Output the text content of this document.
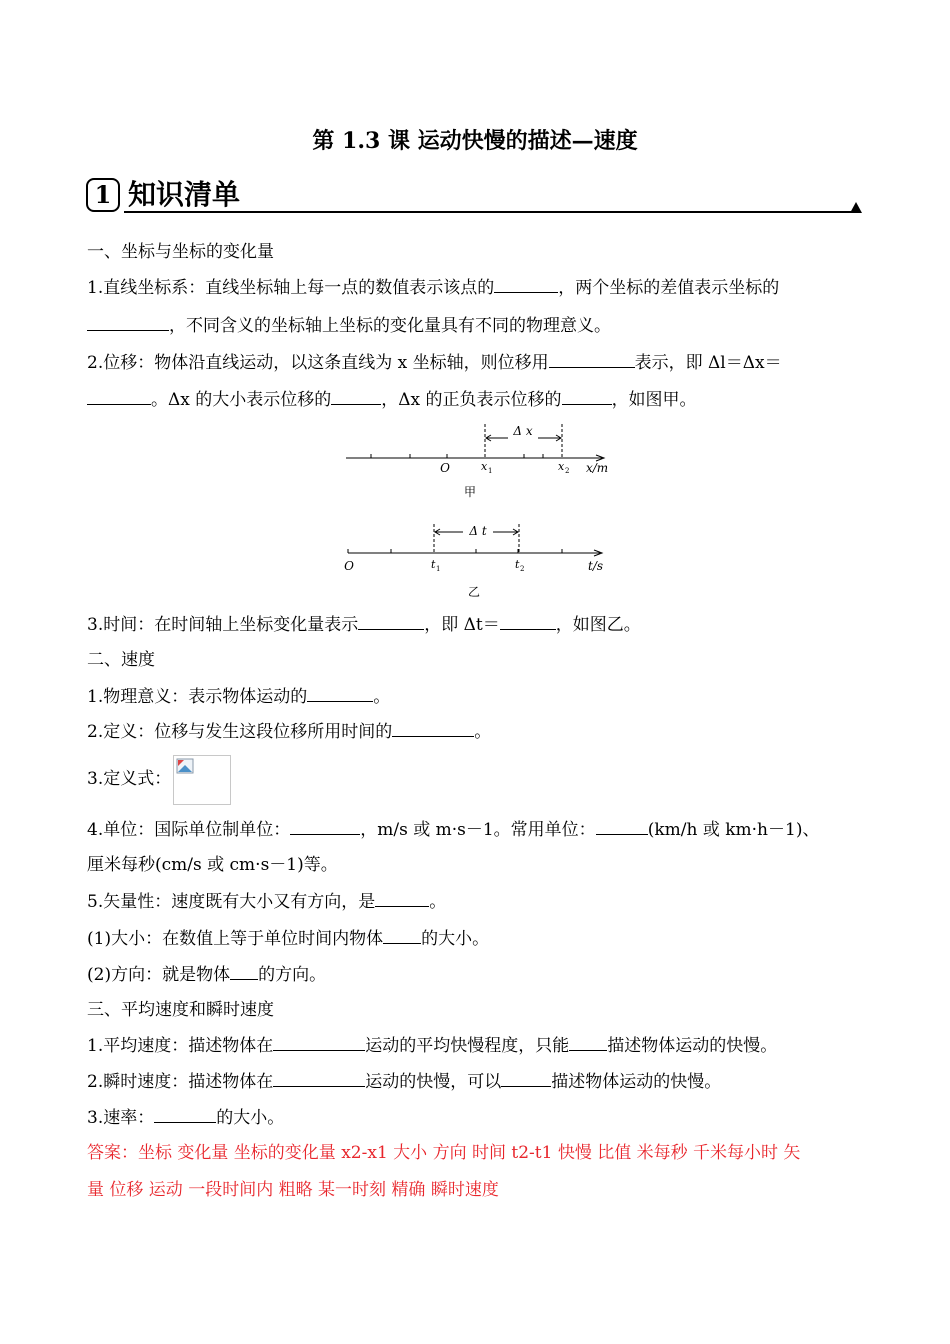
第 1.3 课 运动快慢的描述—速度
1 知识清单
一、坐标与坐标的变化量
1.直线坐标系：直线坐标轴上每一点的数值表示该点的	，两个坐标的差值表示坐标的
，不同含义的坐标轴上坐标的变化量具有不同的物理意义。
2.位移：物体沿直线运动，以这条直线为 x 坐标轴，则位移用	表示，即 Δl＝Δx＝
。Δx 的大小表示位移的	，Δx 的正负表示位移的	，如图甲。
Δ x
O	x 1	x 2 x/m
甲
Δ t
O	t 1	t 2	t/s
乙
3.时间：在时间轴上坐标变化量表示	，即 Δt＝	，如图乙。
二、速度
1.物理意义：表示物体运动的	。
2.定义：位移与发生这段位移所用时间的	。
3.定义式：
4.单位：国际单位制单位：	，m/s 或 m·s－1。常用单位：	(km/h 或 km·h－1)、
厘米每秒(cm/s 或 cm·s－1)等。
5.矢量性：速度既有大小又有方向，是	。
(1)大小：在数值上等于单位时间内物体 的大小。
(2)方向：就是物体 的方向。
三、平均速度和瞬时速度
1.平均速度：描述物体在	运动的平均快慢程度，只能 描述物体运动的快慢。
2.瞬时速度：描述物体在	运动的快慢，可以	描述物体运动的快慢。
3.速率：	的大小。
答案：坐标 变化量 坐标的变化量 x2-x1 大小 方向 时间 t2-t1 快慢 比值 米每秒 千米每小时 矢
量 位移 运动 一段时间内 粗略 某一时刻 精确 瞬时速度
